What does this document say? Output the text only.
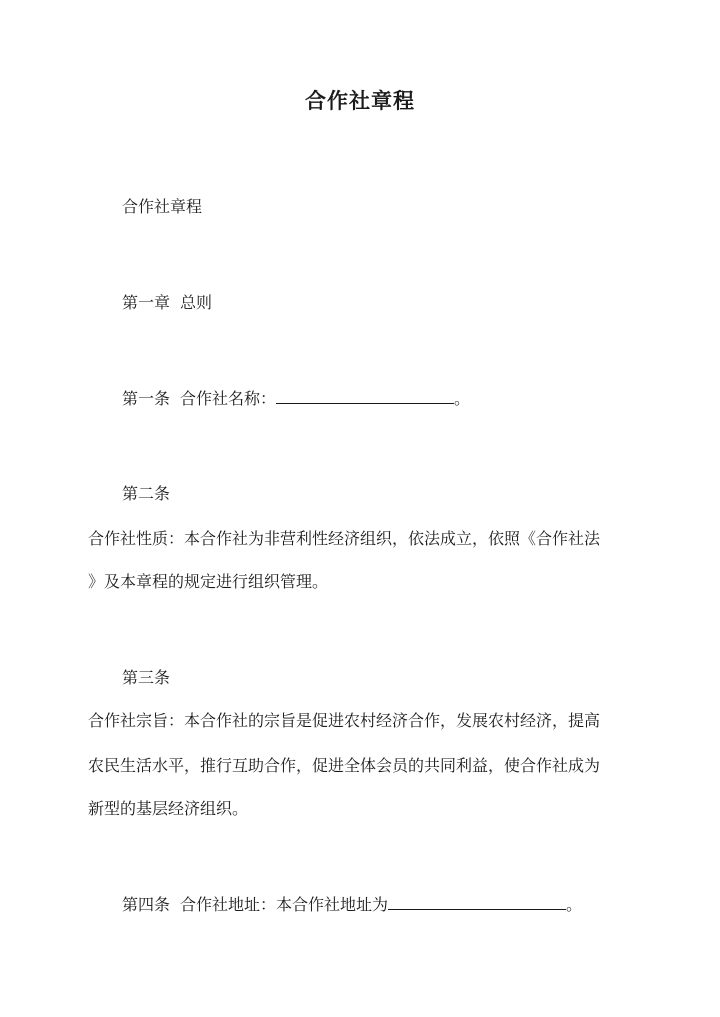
合作社章程

合作社章程

第一章 总则

第一条 合作社名称：	。

第二条

合作社性质：本合作社为非营利性经济组织，依法成立，依照《合作社法

》及本章程的规定进行组织管理。

第三条

合作社宗旨：本合作社的宗旨是促进农村经济合作，发展农村经济，提高

农民生活水平，推行互助合作，促进全体会员的共同利益，使合作社成为

新型的基层经济组织。

第四条 合作社地址：本合作社地址为	。
